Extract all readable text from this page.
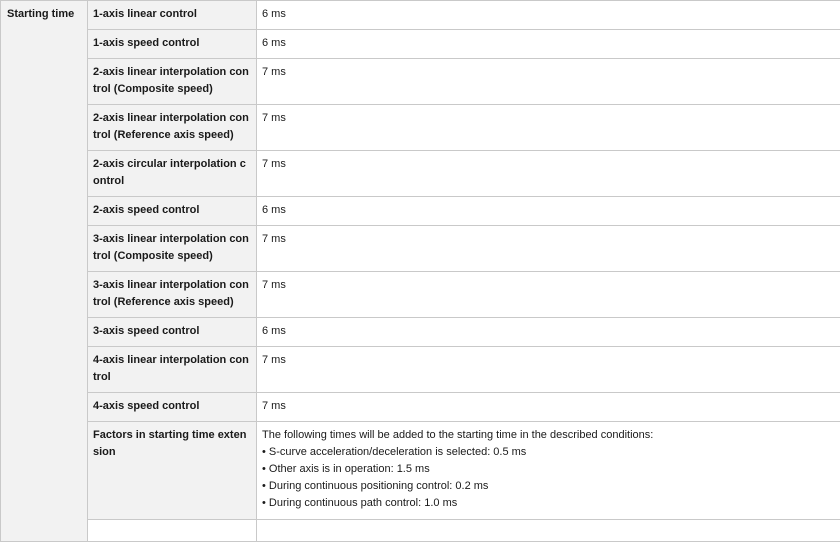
Starting time	1-axis linear control	6 ms
	1-axis speed control	6 ms
	2-axis linear interpolation control (Composite speed)	7 ms
	2-axis linear interpolation control (Reference axis speed)	7 ms
	2-axis circular interpolation control	7 ms
	2-axis speed control	6 ms
	3-axis linear interpolation control (Composite speed)	7 ms
	3-axis linear interpolation control (Reference axis speed)	7 ms
	3-axis speed control	6 ms
	4-axis linear interpolation control	7 ms
	4-axis speed control	7 ms
	Factors in starting time extension	The following times will be added to the starting time in the described conditions:
• S-curve acceleration/deceleration is selected: 0.5 ms
• Other axis is in operation: 1.5 ms
• During continuous positioning control: 0.2 ms
• During continuous path control: 1.0 ms
